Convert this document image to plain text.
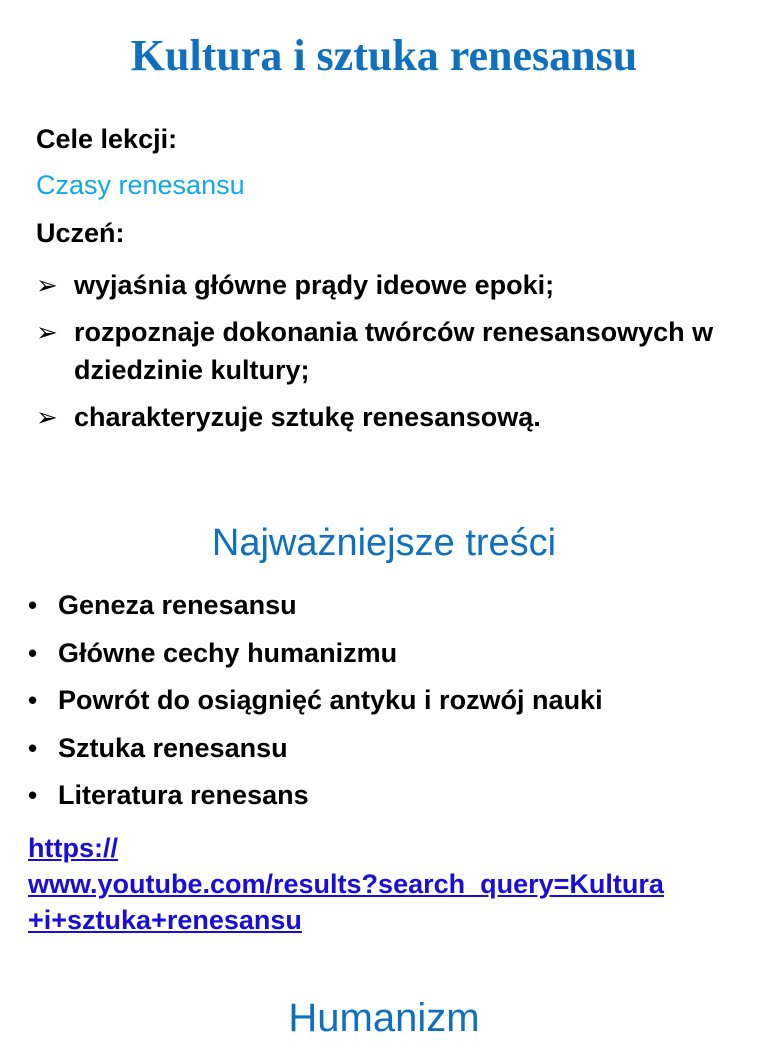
Kultura i sztuka renesansu
Cele lekcji:
Czasy renesansu
Uczeń:
➢ wyjaśnia główne prądy ideowe epoki;
➢ rozpoznaje dokonania twórców renesansowych w dziedzinie kultury;
➢ charakteryzuje sztukę renesansową.
Najważniejsze treści
• Geneza renesansu
• Główne cechy humanizmu
• Powrót do osiągnięć antyku i rozwój nauki
• Sztuka renesansu
• Literatura renesans
https://
www.youtube.com/results?search_query=Kultura
+i+sztuka+renesansu
Humanizm
